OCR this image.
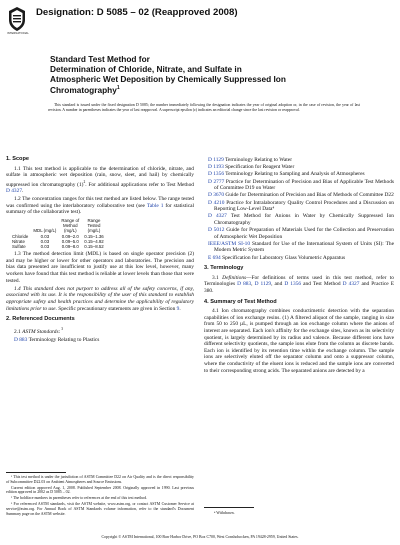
INTERNATIONAL
Designation: D 5085 – 02 (Reapproved 2008)
Standard Test Method for
Determination of Chloride, Nitrate, and Sulfate in
Atmospheric Wet Deposition by Chemically Suppressed Ion
Chromatography$^1$
This standard is issued under the fixed designation D 5085; the number immediately following the designation indicates the year of original adoption or, in the case of revision, the year of last revision. A number in parentheses indicates the year of last reapproval. A superscript epsilon (ε) indicates an editorial change since the last revision or reapproval.
1. Scope
1.1 This test method is applicable to the determination of chloride, nitrate, and sulfate in atmospheric wet deposition (rain, snow, sleet, and hail) by chemically suppressed ion chromatography $(1)^2$. For additional applications refer to Test Method D 4327.
1.2 The concentration ranges for this test method are listed below. The range tested was confirmed using the interlaboratory collaborative test (see Table 1 for statistical summary of the collaborative test).
		Range of	Range
		Method	Tested
	MDL (mg/L)	(mg/L)	(mg/L)
Chloride	0.03	0.09–2.0	0.15–1.36
Nitrate	0.03	0.09–5.0	0.15–4.92
Sulfate	0.03	0.09–8.0	0.15–8.52
1.3 The method detection limit (MDL) is based on single operator precision (2) and may be higher or lower for other operators and laboratories. The precision and bias data presented are insufficient to justify use at this low level, however, many workers have found that this test method is reliable at lower levels than those that were tested.
1.4 This standard does not purport to address all of the safety concerns, if any, associated with its use. It is the responsibility of the user of this standard to establish appropriate safety and health practices and determine the applicability of regulatory limitations prior to use. Specific precautionary statements are given in Section 9.
2. Referenced Documents
2.1 ASTM Standards: $^3$
D 883 Terminology Relating to Plastics
¹ This test method is under the jurisdiction of ASTM Committee D22 on Air Quality and is the direct responsibility of Subcommittee D22.03 on Ambient Atmospheres and Source Emissions.
Current edition approved Aug. 1, 2008. Published September 2008. Originally approved in 1990. Last previous edition approved in 2002 as D 5085 – 02.
² The boldface numbers in parentheses refer to references at the end of this test method.
³ For referenced ASTM standards, visit the ASTM website, www.astm.org, or contact ASTM Customer Service at service@astm.org. For Annual Book of ASTM Standards volume information, refer to the standard's Document Summary page on the ASTM website.
D 1129 Terminology Relating to Water
D 1193 Specification for Reagent Water
D 1356 Terminology Relating to Sampling and Analysis of Atmospheres
D 2777 Practice for Determination of Precision and Bias of Applicable Test Methods of Committee D19 on Water
D 3670 Guide for Determination of Precision and Bias of Methods of Committee D22
D 4210 Practice for Intralaboratory Quality Control Procedures and a Discussion on Reporting Low-Level Data⁴
D 4327 Test Method for Anions in Water by Chemically Suppressed Ion Chromatography
D 5012 Guide for Preparation of Materials Used for the Collection and Preservation of Atmospheric Wet Deposition
IEEE/ASTM SI-10 Standard for Use of the International System of Units (SI): The Modern Metric System
E 694 Specification for Laboratory Glass Volumetric Apparatus
3. Terminology
3.1 Definitions—For definitions of terms used in this test method, refer to Terminologies D 883, D 1129, and D 1356 and Test Method D 4327 and Practice E 380.
4. Summary of Test Method
4.1 Ion chromatography combines conductimetric detection with the separation capabilities of ion exchange resins. (1) A filtered aliquot of the sample, ranging in size from 50 to 250 µL, is pumped through an ion exchange column where the anions of interest are separated. Each ion's affinity for the exchange sites, known as its selectivity quotient, is largely determined by its radius and valence. Because different ions have different selectivity quotients, the sample ions elute from the column as discrete bands. Each ion is identified by its retention time within the exchange column. The sample ions are selectively eluted off the separator column and onto a suppressor column, where the conductivity of the eluent ions is reduced and the sample ions are converted to their corresponding strong acids. The separated anions are detected by a
⁴ Withdrawn.
Copyright © ASTM International, 100 Barr Harbor Drive, PO Box C700, West Conshohocken, PA 19428-2959, United States.
